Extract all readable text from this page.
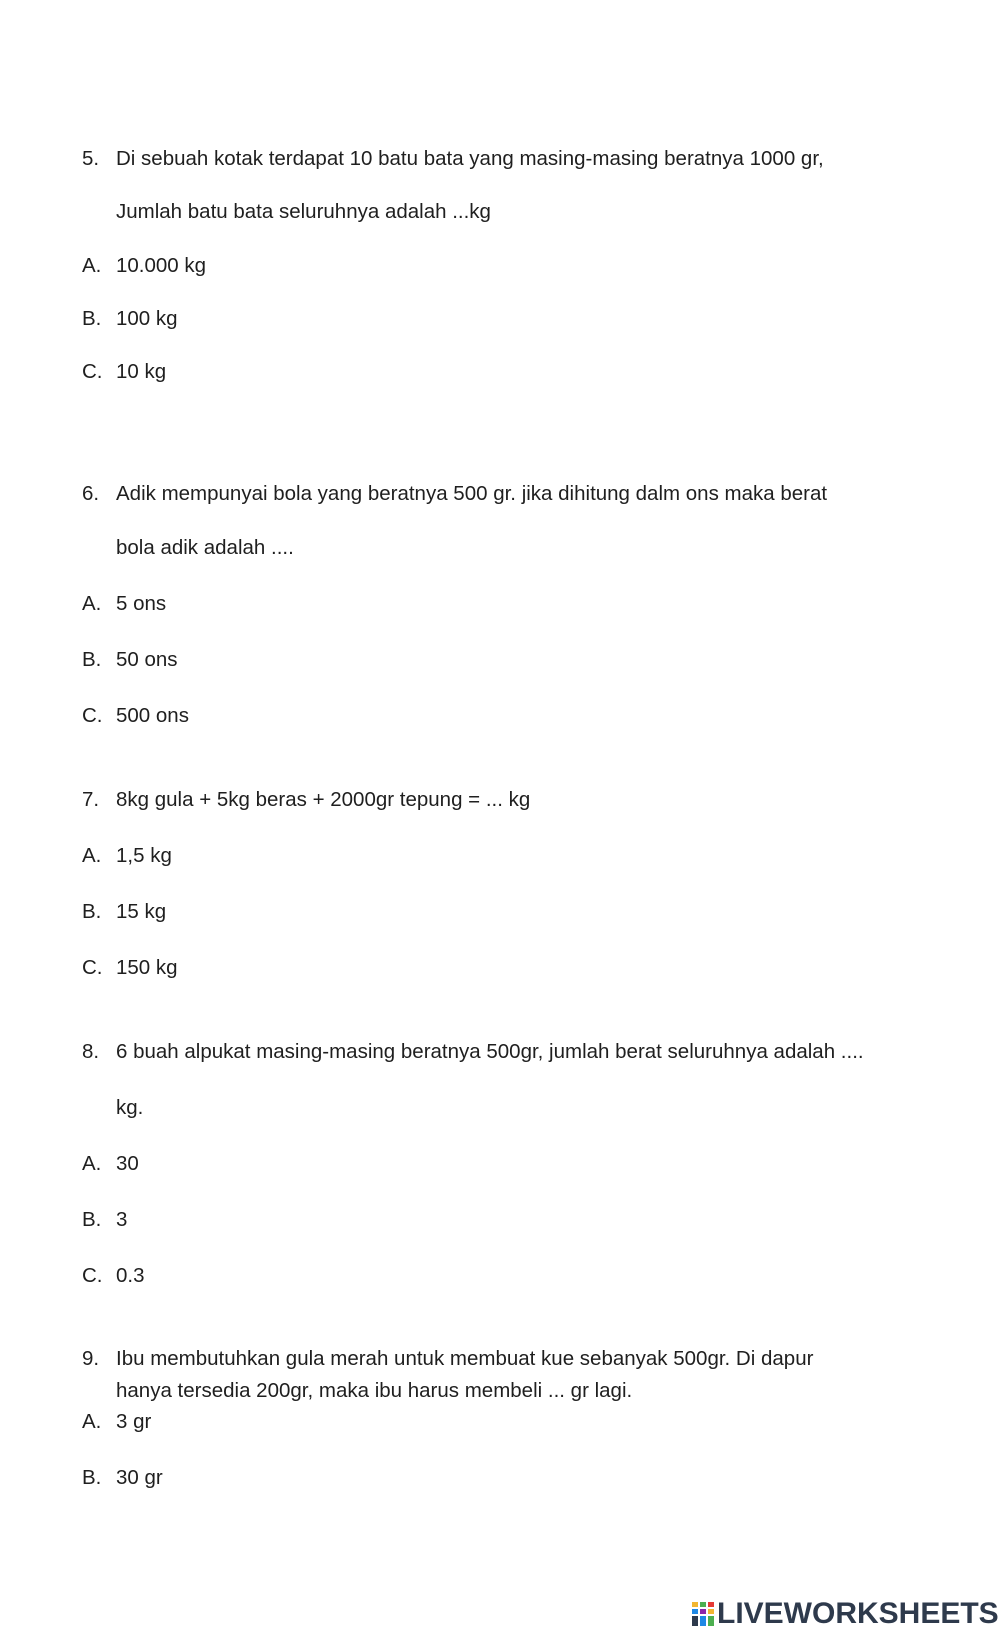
5. Di sebuah kotak terdapat 10 batu bata yang masing-masing beratnya 1000 gr,
Jumlah batu bata seluruhnya adalah ...kg
A. 10.000 kg
B. 100 kg
C. 10 kg
6. Adik mempunyai bola yang beratnya 500 gr. jika dihitung dalm ons maka berat
bola adik adalah ....
A. 5 ons
B. 50 ons
C. 500 ons
7. 8kg gula + 5kg beras + 2000gr tepung = ... kg
A. 1,5 kg
B. 15 kg
C. 150 kg
8. 6 buah alpukat masing-masing beratnya 500gr, jumlah berat seluruhnya adalah ....
kg.
A. 30
B. 3
C. 0.3
9. Ibu membutuhkan gula merah untuk membuat kue sebanyak 500gr. Di dapur
hanya tersedia 200gr, maka ibu harus membeli ... gr lagi.
A. 3 gr
B. 30 gr
LIVEWORKSHEETS
